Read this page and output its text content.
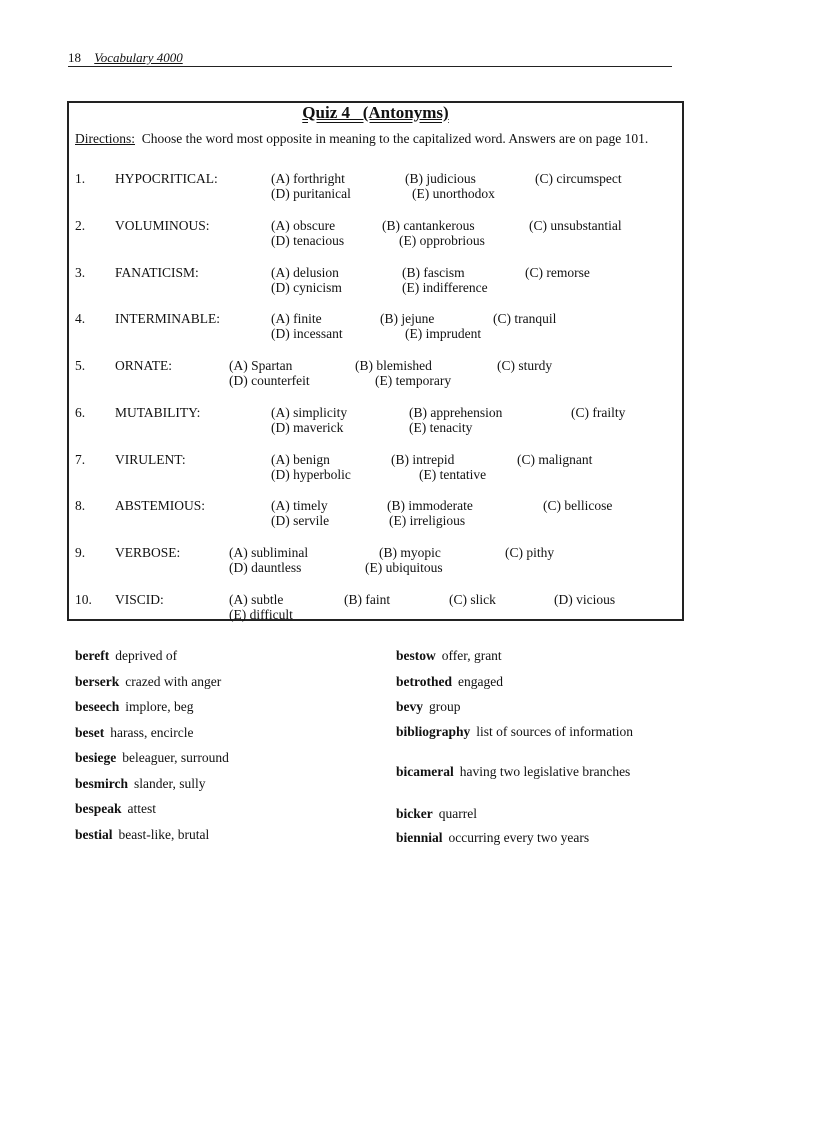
18 Vocabulary 4000
Quiz 4   (Antonyms)
Directions: Choose the word most opposite in meaning to the capitalized word. Answers are on page 101.
1. HYPOCRITICAL:	(A) forthright	(B) judicious	(C) circumspect
(D) puritanical	(E) unorthodox
2. VOLUMINOUS:	(A) obscure	(B) cantankerous	(C) unsubstantial
(D) tenacious	(E) opprobrious
3. FANATICISM:	(A) delusion	(B) fascism	(C) remorse
(D) cynicism	(E) indifference
4. INTERMINABLE:	(A) finite	(B) jejune	(C) tranquil
(D) incessant	(E) imprudent
5. ORNATE:	(A) Spartan	(B) blemished	(C) sturdy
(D) counterfeit	(E) temporary
6. MUTABILITY:	(A) simplicity	(B) apprehension	(C) frailty
(D) maverick	(E) tenacity
7. VIRULENT:	(A) benign	(B) intrepid	(C) malignant
(D) hyperbolic	(E) tentative
8. ABSTEMIOUS:	(A) timely	(B) immoderate	(C) bellicose
(D) servile	(E) irreligious
9. VERBOSE:	(A) subliminal	(B) myopic	(C) pithy
(D) dauntless	(E) ubiquitous
10. VISCID:	(A) subtle	(B) faint	(C) slick	(D) vicious
(E) difficult
bereft deprived of
berserk crazed with anger
beseech implore, beg
beset harass, encircle
besiege beleaguer, surround
besmirch slander, sully
bespeak attest
bestial beast-like, brutal
bestow offer, grant
betrothed engaged
bevy group
bibliography list of sources of information
bicameral having two legislative branches
bicker quarrel
biennial occurring every two years
